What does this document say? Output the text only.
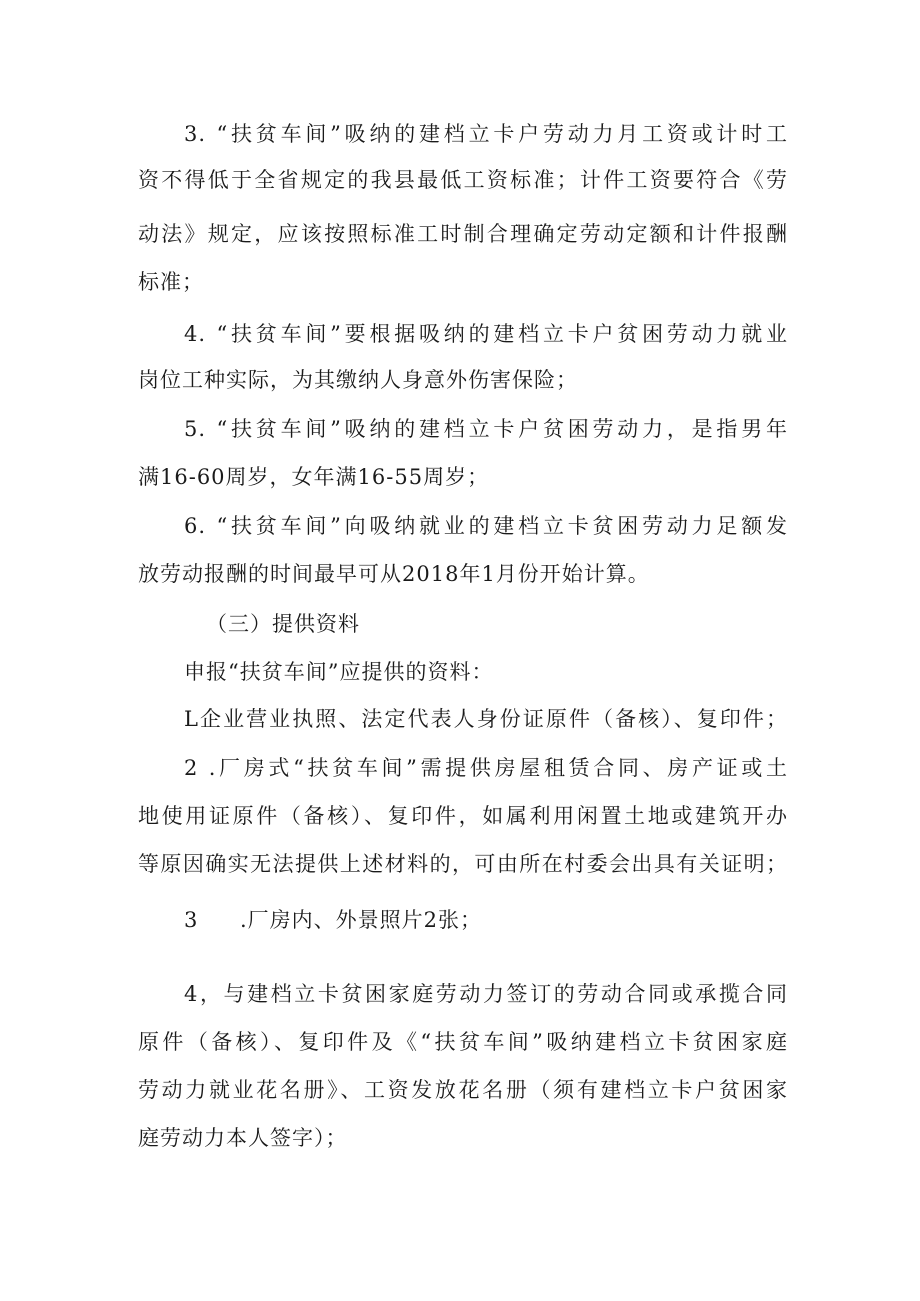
3. “扶贫车间”吸纳的建档立卡户劳动力月工资或计时工
资不得低于全省规定的我县最低工资标准；计件工资要符合《劳
动法》规定，应该按照标准工时制合理确定劳动定额和计件报酬
标准；
4. “扶贫车间”要根据吸纳的建档立卡户贫困劳动力就业
岗位工种实际，为其缴纳人身意外伤害保险；
5. “扶贫车间”吸纳的建档立卡户贫困劳动力，是指男年
满16-60周岁，女年满16-55周岁；
6. “扶贫车间”向吸纳就业的建档立卡贫困劳动力足额发
放劳动报酬的时间最早可从2018年1月份开始计算。
（三）提供资料
申报“扶贫车间”应提供的资料：
L企业营业执照、法定代表人身份证原件（备核）、复印件；
2 .厂房式“扶贫车间”需提供房屋租赁合同、房产证或土
地使用证原件（备核）、复印件，如属利用闲置土地或建筑开办
等原因确实无法提供上述材料的，可由所在村委会出具有关证明；
3 .厂房内、外景照片2张；
4，与建档立卡贫困家庭劳动力签订的劳动合同或承揽合同
原件（备核）、复印件及《“扶贫车间”吸纳建档立卡贫困家庭
劳动力就业花名册》、工资发放花名册（须有建档立卡户贫困家
庭劳动力本人签字）；
